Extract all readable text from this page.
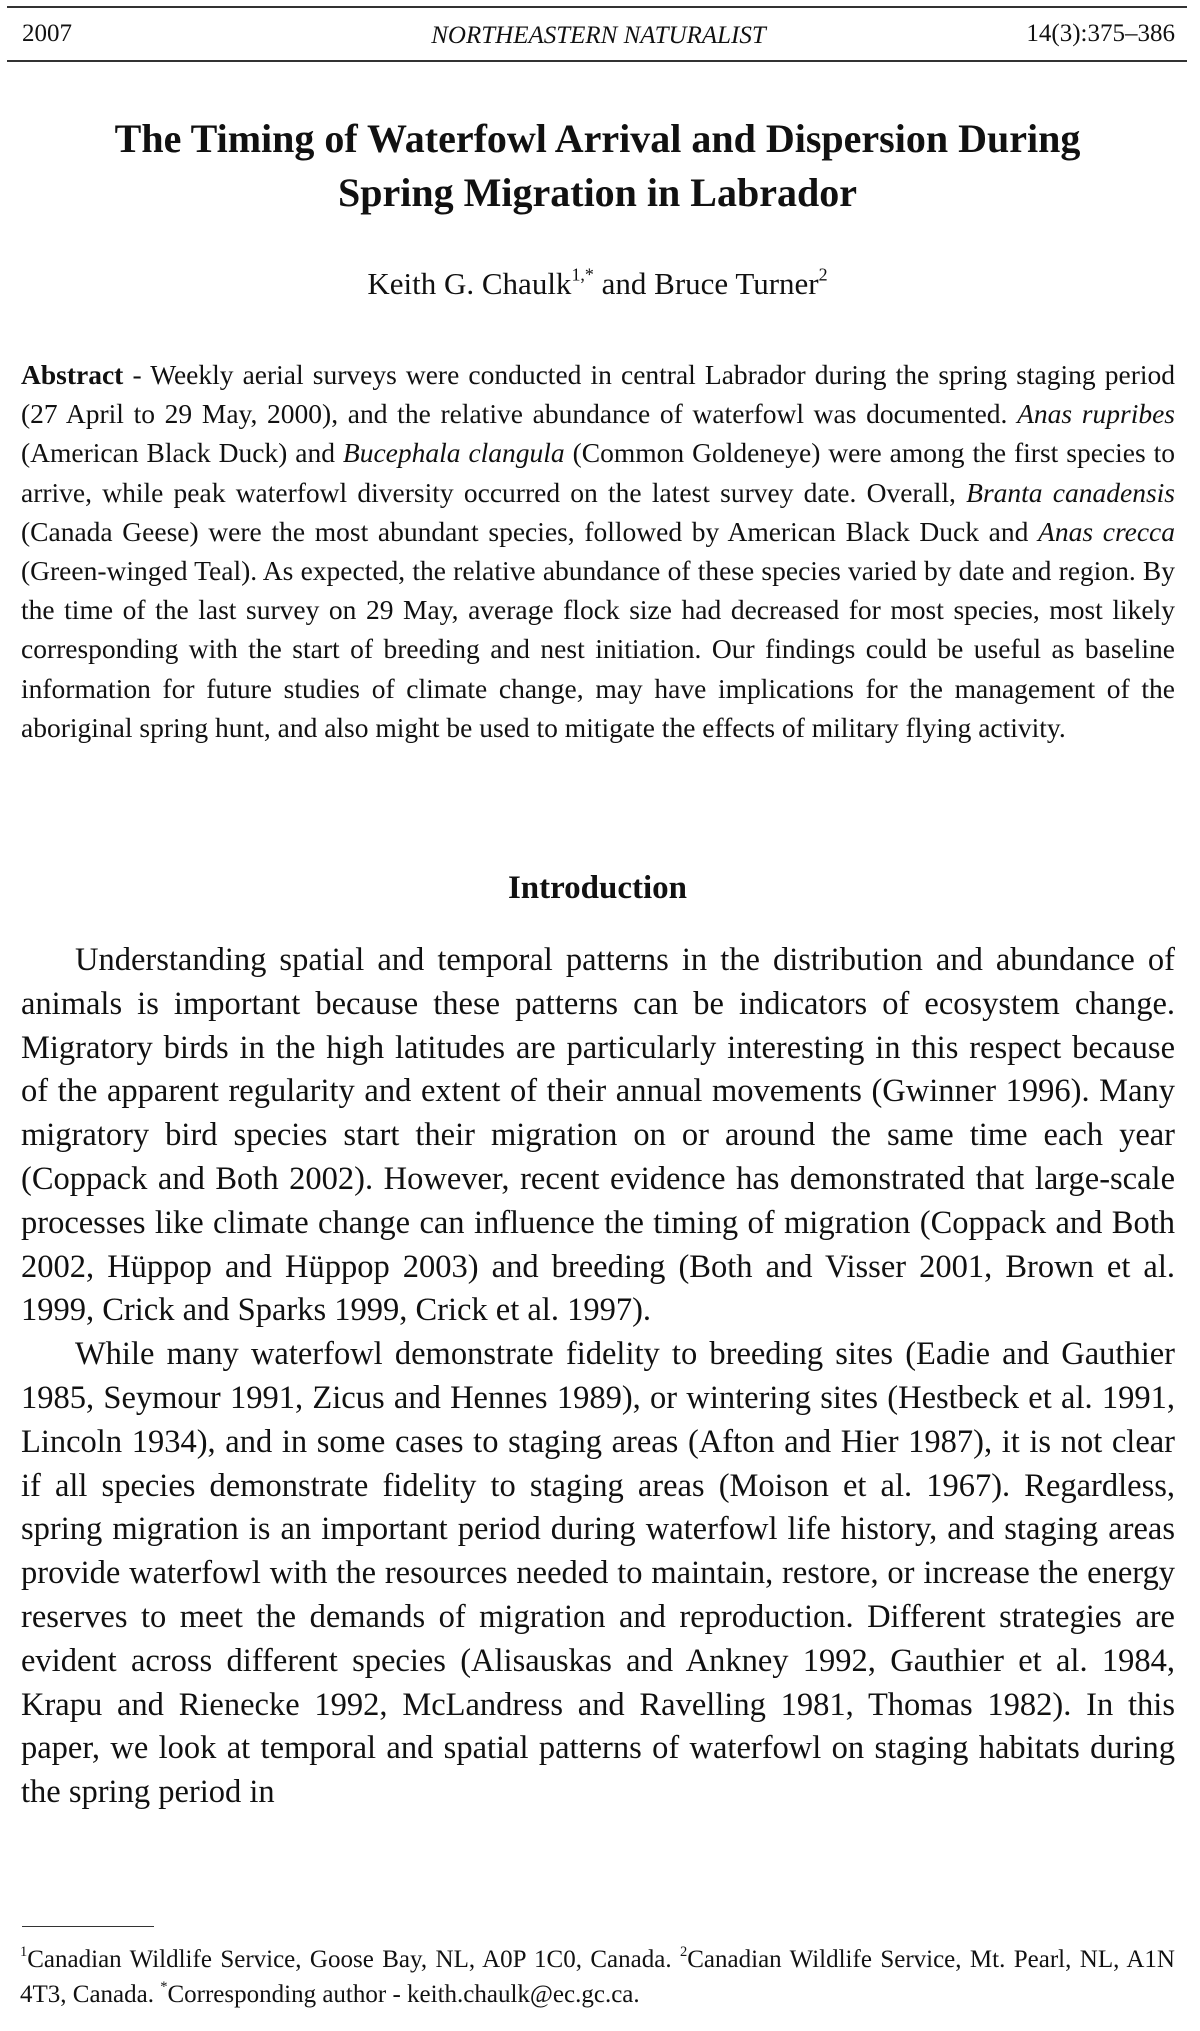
2007	NORTHEASTERN NATURALIST	14(3):375–386
The Timing of Waterfowl Arrival and Dispersion During
Spring Migration in Labrador
Keith G. Chaulk$^{1,*}$ and Bruce Turner$^2$
Abstract - Weekly aerial surveys were conducted in central Labrador during the spring staging period (27 April to 29 May, 2000), and the relative abundance of waterfowl was documented. Anas rupribes (American Black Duck) and Bucephala clangula (Common Goldeneye) were among the first species to arrive, while peak waterfowl diversity occurred on the latest survey date. Overall, Branta canadensis (Canada Geese) were the most abundant species, followed by American Black Duck and Anas crecca (Green-winged Teal). As expected, the relative abundance of these species varied by date and region. By the time of the last survey on 29 May, average flock size had decreased for most species, most likely corresponding with the start of breeding and nest initiation. Our findings could be useful as baseline information for future studies of climate change, may have implications for the management of the aboriginal spring hunt, and also might be used to mitigate the effects of military flying activity.
Introduction

Understanding spatial and temporal patterns in the distribution and abundance of animals is important because these patterns can be indicators of ecosystem change. Migratory birds in the high latitudes are particularly interesting in this respect because of the apparent regularity and extent of their annual movements (Gwinner 1996). Many migratory bird species start their migration on or around the same time each year (Coppack and Both 2002). However, recent evidence has demonstrated that large-scale processes like climate change can influence the timing of migration (Coppack and Both 2002, Hüppop and Hüppop 2003) and breeding (Both and Visser 2001, Brown et al. 1999, Crick and Sparks 1999, Crick et al. 1997).

While many waterfowl demonstrate fidelity to breeding sites (Eadie and Gauthier 1985, Seymour 1991, Zicus and Hennes 1989), or wintering sites (Hestbeck et al. 1991, Lincoln 1934), and in some cases to staging areas (Afton and Hier 1987), it is not clear if all species demonstrate fidelity to staging areas (Moison et al. 1967). Regardless, spring migration is an important period during waterfowl life history, and staging areas provide waterfowl with the resources needed to maintain, restore, or increase the energy reserves to meet the demands of migration and reproduction. Different strategies are evident across different species (Alisauskas and Ankney 1992, Gauthier et al. 1984, Krapu and Rienecke 1992, McLandress and Ravelling 1981, Thomas 1982). In this paper, we look at temporal and spatial patterns of waterfowl on staging habitats during the spring period in

$^1$Canadian Wildlife Service, Goose Bay, NL, A0P 1C0, Canada. $^2$Canadian Wildlife Service, Mt. Pearl, NL, A1N 4T3, Canada. *Corresponding author - keith.chaulk@ec.gc.ca.
